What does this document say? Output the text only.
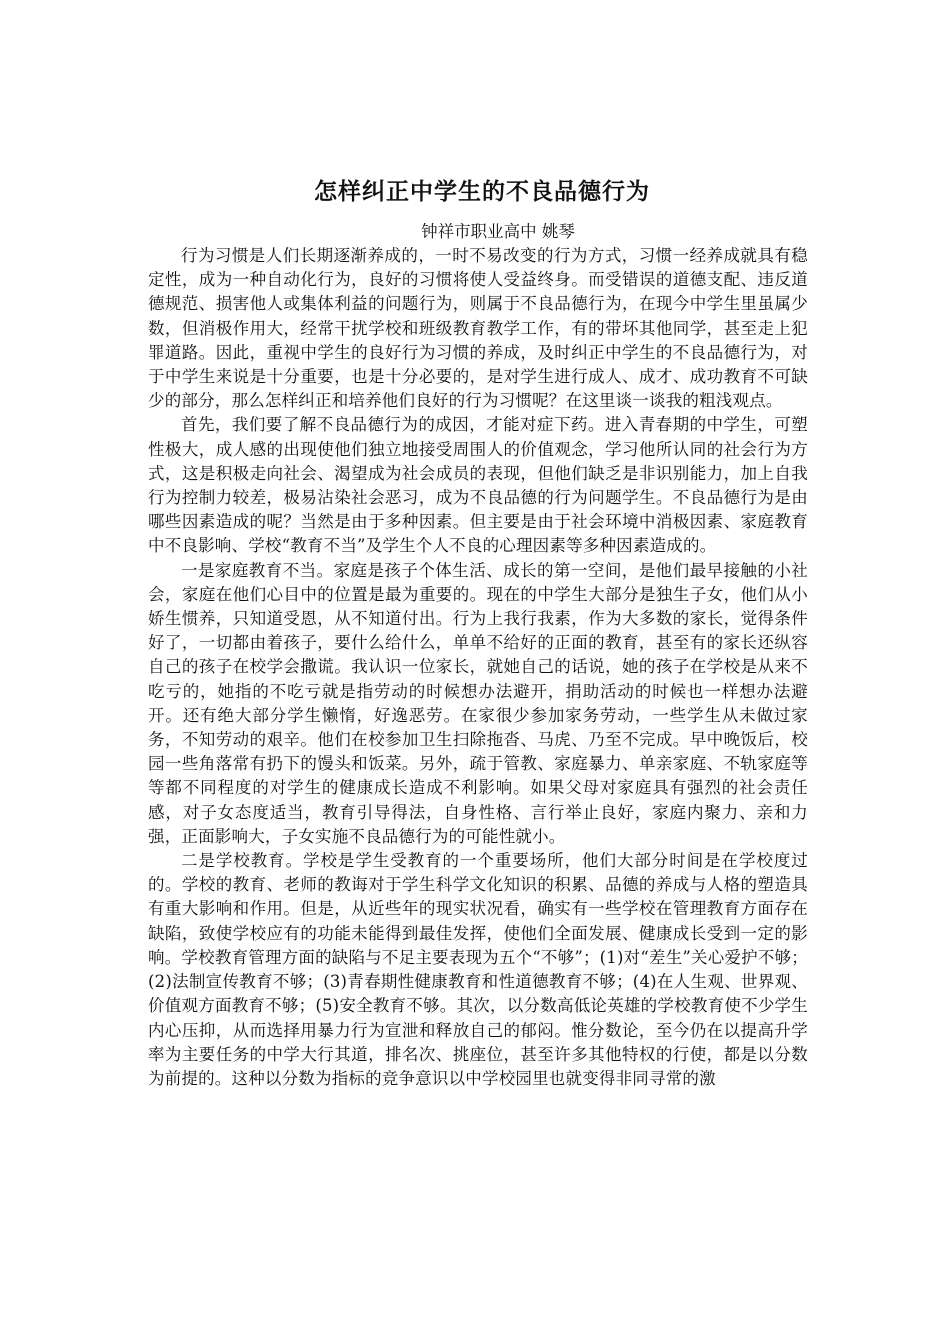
怎样纠正中学生的不良品德行为
钟祥市职业高中 姚琴

行为习惯是人们长期逐渐养成的，一时不易改变的行为方式，习惯一经养成就具有稳定性，成为一种自动化行为，良好的习惯将使人受益终身。而受错误的道德支配、违反道德规范、损害他人或集体利益的问题行为，则属于不良品德行为，在现今中学生里虽属少数，但消极作用大，经常干扰学校和班级教育教学工作，有的带坏其他同学，甚至走上犯罪道路。因此，重视中学生的良好行为习惯的养成，及时纠正中学生的不良品德行为，对于中学生来说是十分重要，也是十分必要的，是对学生进行成人、成才、成功教育不可缺少的部分，那么怎样纠正和培养他们良好的行为习惯呢？在这里谈一谈我的粗浅观点。

首先，我们要了解不良品德行为的成因，才能对症下药。进入青春期的中学生，可塑性极大，成人感的出现使他们独立地接受周围人的价值观念，学习他所认同的社会行为方式，这是积极走向社会、渴望成为社会成员的表现，但他们缺乏是非识别能力，加上自我行为控制力较差，极易沾染社会恶习，成为不良品德的行为问题学生。不良品德行为是由哪些因素造成的呢？当然是由于多种因素。但主要是由于社会环境中消极因素、家庭教育中不良影响、学校“教育不当”及学生个人不良的心理因素等多种因素造成的。

一是家庭教育不当。家庭是孩子个体生活、成长的第一空间，是他们最早接触的小社会，家庭在他们心目中的位置是最为重要的。现在的中学生大部分是独生子女，他们从小娇生惯养，只知道受恩，从不知道付出。行为上我行我素，作为大多数的家长，觉得条件好了，一切都由着孩子，要什么给什么，单单不给好的正面的教育，甚至有的家长还纵容自己的孩子在校学会撒谎。我认识一位家长，就她自己的话说，她的孩子在学校是从来不吃亏的，她指的不吃亏就是指劳动的时候想办法避开，捐助活动的时候也一样想办法避开。还有绝大部分学生懒惰，好逸恶劳。在家很少参加家务劳动，一些学生从未做过家务，不知劳动的艰辛。他们在校参加卫生扫除拖沓、马虎、乃至不完成。早中晚饭后，校园一些角落常有扔下的馒头和饭菜。另外，疏于管教、家庭暴力、单亲家庭、不轨家庭等等都不同程度的对学生的健康成长造成不利影响。如果父母对家庭具有强烈的社会责任感，对子女态度适当，教育引导得法，自身性格、言行举止良好，家庭内聚力、亲和力强，正面影响大，子女实施不良品德行为的可能性就小。

二是学校教育。学校是学生受教育的一个重要场所，他们大部分时间是在学校度过的。学校的教育、老师的教诲对于学生科学文化知识的积累、品德的养成与人格的塑造具有重大影响和作用。但是，从近些年的现实状况看，确实有一些学校在管理教育方面存在缺陷，致使学校应有的功能未能得到最佳发挥，使他们全面发展、健康成长受到一定的影响。学校教育管理方面的缺陷与不足主要表现为五个“不够”；(1)对“差生”关心爱护不够；(2)法制宣传教育不够；(3)青春期性健康教育和性道德教育不够；(4)在人生观、世界观、价值观方面教育不够；(5)安全教育不够。其次，以分数高低论英雄的学校教育使不少学生内心压抑，从而选择用暴力行为宣泄和释放自己的郁闷。惟分数论，至今仍在以提高升学率为主要任务的中学大行其道，排名次、挑座位，甚至许多其他特权的行使，都是以分数为前提的。这种以分数为指标的竞争意识以中学校园里也就变得非同寻常的激
